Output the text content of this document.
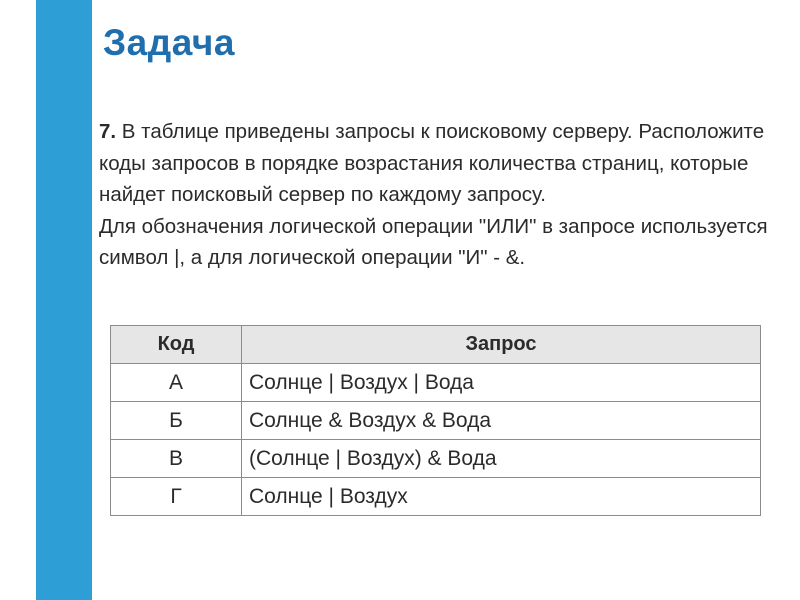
Задача

7. В таблице приведены запросы к поисковому серверу. Расположите коды запросов в порядке возрастания количества страниц, которые найдет поисковый сервер по каждому запросу.

Для обозначения логической операции "ИЛИ" в запросе используется символ |, а для логической операции "И" - &.

Код	Запрос
А	Солнце | Воздух | Вода
Б	Солнце & Воздух & Вода
В	(Солнце | Воздух) & Вода
Г	Солнце | Воздух
